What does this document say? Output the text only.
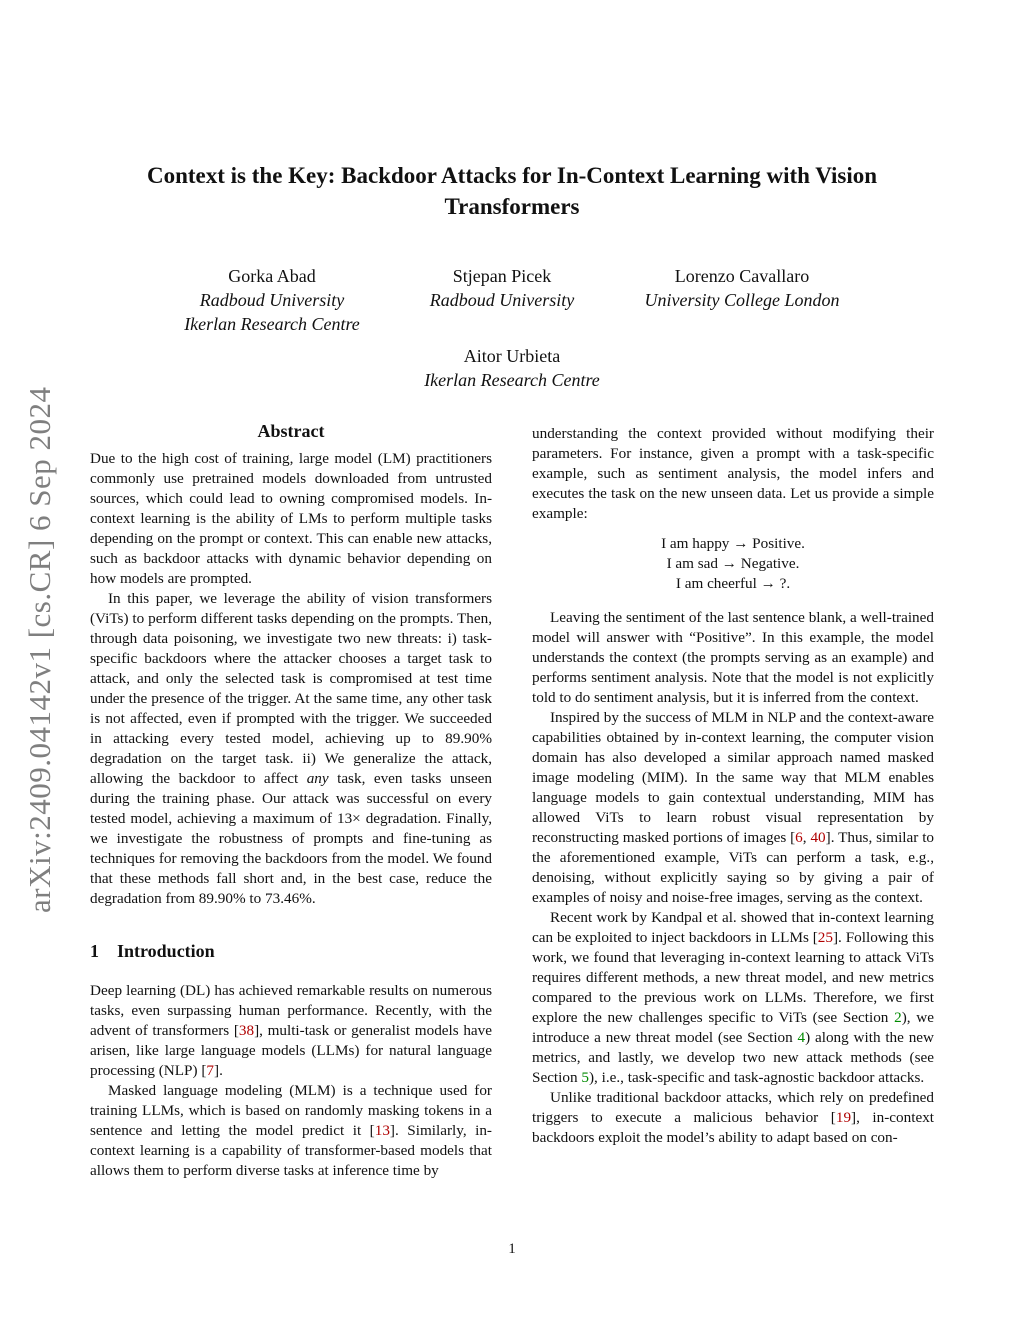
arXiv:2409.04142v1 [cs.CR] 6 Sep 2024
Context is the Key: Backdoor Attacks for In-Context Learning with Vision Transformers
Gorka Abad
Radboud University
Ikerlan Research Centre
Stjepan Picek
Radboud University
Lorenzo Cavallaro
University College London
Aitor Urbieta
Ikerlan Research Centre
Abstract

Due to the high cost of training, large model (LM) practitioners commonly use pretrained models downloaded from untrusted sources, which could lead to owning compromised models. In-context learning is the ability of LMs to perform multiple tasks depending on the prompt or context. This can enable new attacks, such as backdoor attacks with dynamic behavior depending on how models are prompted.

In this paper, we leverage the ability of vision transformers (ViTs) to perform different tasks depending on the prompts. Then, through data poisoning, we investigate two new threats: i) task-specific backdoors where the attacker chooses a target task to attack, and only the selected task is compromised at test time under the presence of the trigger. At the same time, any other task is not affected, even if prompted with the trigger. We succeeded in attacking every tested model, achieving up to 89.90% degradation on the target task. ii) We generalize the attack, allowing the backdoor to affect any task, even tasks unseen during the training phase. Our attack was successful on every tested model, achieving a maximum of 13× degradation. Finally, we investigate the robustness of prompts and fine-tuning as techniques for removing the backdoors from the model. We found that these methods fall short and, in the best case, reduce the degradation from 89.90% to 73.46%.

1 Introduction

Deep learning (DL) has achieved remarkable results on numerous tasks, even surpassing human performance. Recently, with the advent of transformers [38], multi-task or generalist models have arisen, like large language models (LLMs) for natural language processing (NLP) [7].

Masked language modeling (MLM) is a technique used for training LLMs, which is based on randomly masking tokens in a sentence and letting the model predict it [13]. Similarly, in-context learning is a capability of transformer-based models that allows them to perform diverse tasks at inference time by

understanding the context provided without modifying their parameters. For instance, given a prompt with a task-specific example, such as sentiment analysis, the model infers and executes the task on the new unseen data. Let us provide a simple example:

I am happy → Positive.
I am sad → Negative.
I am cheerful → ?.

Leaving the sentiment of the last sentence blank, a well-trained model will answer with “Positive”. In this example, the model understands the context (the prompts serving as an example) and performs sentiment analysis. Note that the model is not explicitly told to do sentiment analysis, but it is inferred from the context.

Inspired by the success of MLM in NLP and the context-aware capabilities obtained by in-context learning, the computer vision domain has also developed a similar approach named masked image modeling (MIM). In the same way that MLM enables language models to gain contextual understanding, MIM has allowed ViTs to learn robust visual representation by reconstructing masked portions of images [6, 40]. Thus, similar to the aforementioned example, ViTs can perform a task, e.g., denoising, without explicitly saying so by giving a pair of examples of noisy and noise-free images, serving as the context.

Recent work by Kandpal et al. showed that in-context learning can be exploited to inject backdoors in LLMs [25]. Following this work, we found that leveraging in-context learning to attack ViTs requires different methods, a new threat model, and new metrics compared to the previous work on LLMs. Therefore, we first explore the new challenges specific to ViTs (see Section 2), we introduce a new threat model (see Section 4) along with the new metrics, and lastly, we develop two new attack methods (see Section 5), i.e., task-specific and task-agnostic backdoor attacks.

Unlike traditional backdoor attacks, which rely on predefined triggers to execute a malicious behavior [19], in-context backdoors exploit the model’s ability to adapt based on con-

1
